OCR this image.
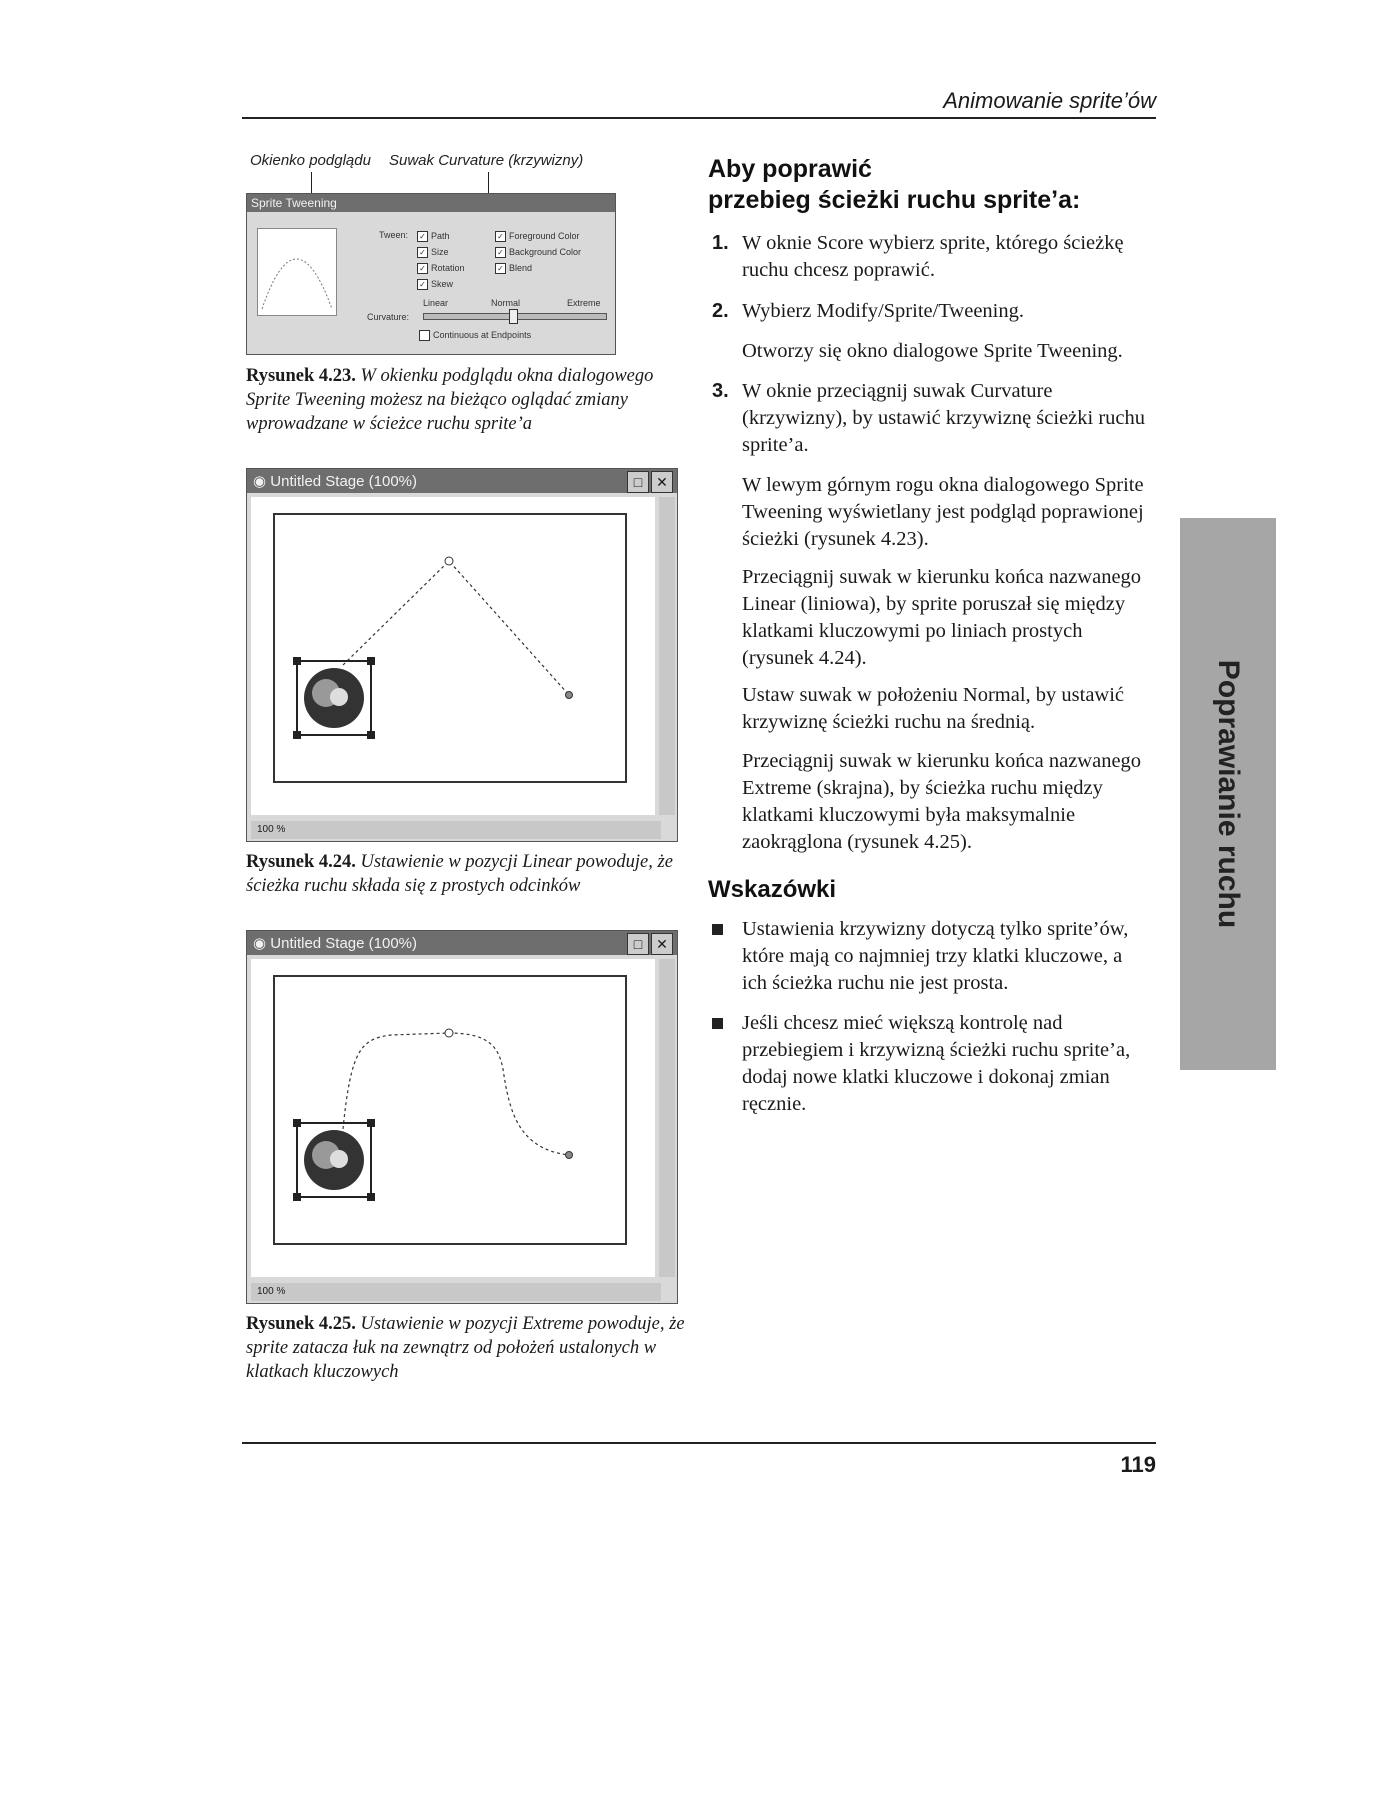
Animowanie sprite’ów
Okienko podglądu Suwak Curvature (krzywizny)
Sprite Tweening
Tween: ✓ Path
✓ Size
✓ Rotation
✓ Skew
✓ Foreground Color
✓ Background Color
✓ Blend
Linear	Normal	Extreme
Curvature:
Continuous at Endpoints
Rysunek 4.23. W okienku podglądu okna dialogowego Sprite Tweening możesz na bieżąco oglądać zmiany wprowadzane w ścieżce ruchu sprite’a
◉ Untitled Stage (100%)	□ ✕
100 %
Rysunek 4.24. Ustawienie w pozycji Linear powoduje, że ścieżka ruchu składa się z prostych odcinków
◉ Untitled Stage (100%)	□ ✕
100 %
Rysunek 4.25. Ustawienie w pozycji Extreme powoduje, że sprite zatacza łuk na zewnątrz od położeń ustalonych w klatkach kluczowych
Aby poprawić
przebieg ścieżki ruchu sprite’a:
1. W oknie Score wybierz sprite, którego ścieżkę ruchu chcesz poprawić.
2. Wybierz Modify/Sprite/Tweening.
Otworzy się okno dialogowe Sprite Tweening.
3. W oknie przeciągnij suwak Curvature (krzywizny), by ustawić krzywiznę ścieżki ruchu sprite’a.
W lewym górnym rogu okna dialogowego Sprite Tweening wyświetlany jest podgląd poprawionej ścieżki (rysunek 4.23).
Przeciągnij suwak w kierunku końca nazwanego Linear (liniowa), by sprite poruszał się między klatkami kluczowymi po liniach prostych (rysunek 4.24).
Ustaw suwak w położeniu Normal, by ustawić krzywiznę ścieżki ruchu na średnią.
Przeciągnij suwak w kierunku końca nazwanego Extreme (skrajna), by ścieżka ruchu między klatkami kluczowymi była maksymalnie zaokrąglona (rysunek 4.25).
Wskazówki
Ustawienia krzywizny dotyczą tylko sprite’ów, które mają co najmniej trzy klatki kluczowe, a ich ścieżka ruchu nie jest prosta.
Jeśli chcesz mieć większą kontrolę nad przebiegiem i krzywizną ścieżki ruchu sprite’a, dodaj nowe klatki kluczowe i dokonaj zmian ręcznie.
Poprawianie ruchu
119
